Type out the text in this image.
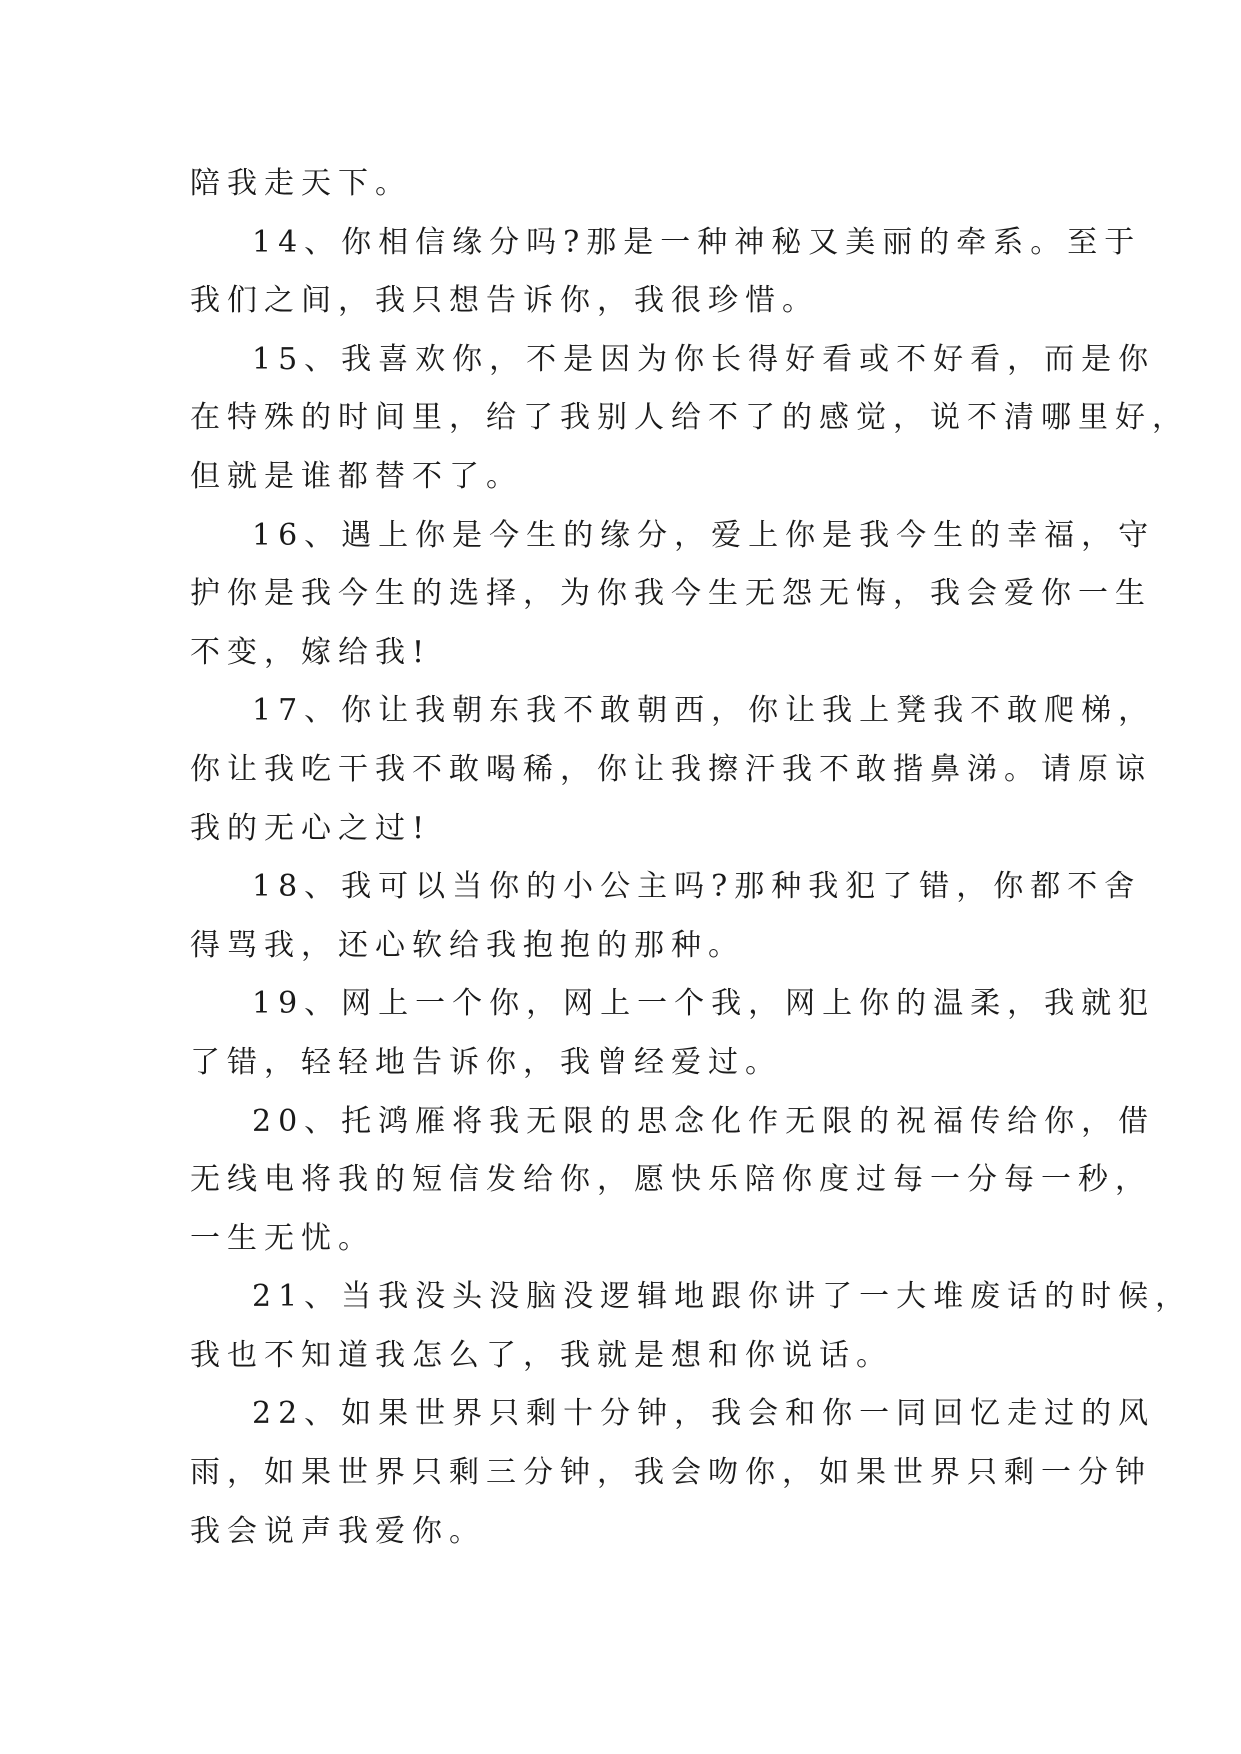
陪我走天下。

14、你相信缘分吗?那是一种神秘又美丽的牵系。至于
我们之间，我只想告诉你，我很珍惜。

15、我喜欢你，不是因为你长得好看或不好看，而是你
在特殊的时间里，给了我别人给不了的感觉，说不清哪里好，
但就是谁都替不了。

16、遇上你是今生的缘分，爱上你是我今生的幸福，守
护你是我今生的选择，为你我今生无怨无悔，我会爱你一生
不变，嫁给我!

17、你让我朝东我不敢朝西，你让我上凳我不敢爬梯，
你让我吃干我不敢喝稀，你让我擦汗我不敢揩鼻涕。请原谅
我的无心之过!

18、我可以当你的小公主吗?那种我犯了错，你都不舍
得骂我，还心软给我抱抱的那种。

19、网上一个你，网上一个我，网上你的温柔，我就犯
了错，轻轻地告诉你，我曾经爱过。

20、托鸿雁将我无限的思念化作无限的祝福传给你，借
无线电将我的短信发给你，愿快乐陪你度过每一分每一秒，
一生无忧。

21、当我没头没脑没逻辑地跟你讲了一大堆废话的时候，
我也不知道我怎么了，我就是想和你说话。

22、如果世界只剩十分钟，我会和你一同回忆走过的风
雨，如果世界只剩三分钟，我会吻你，如果世界只剩一分钟
我会说声我爱你。
